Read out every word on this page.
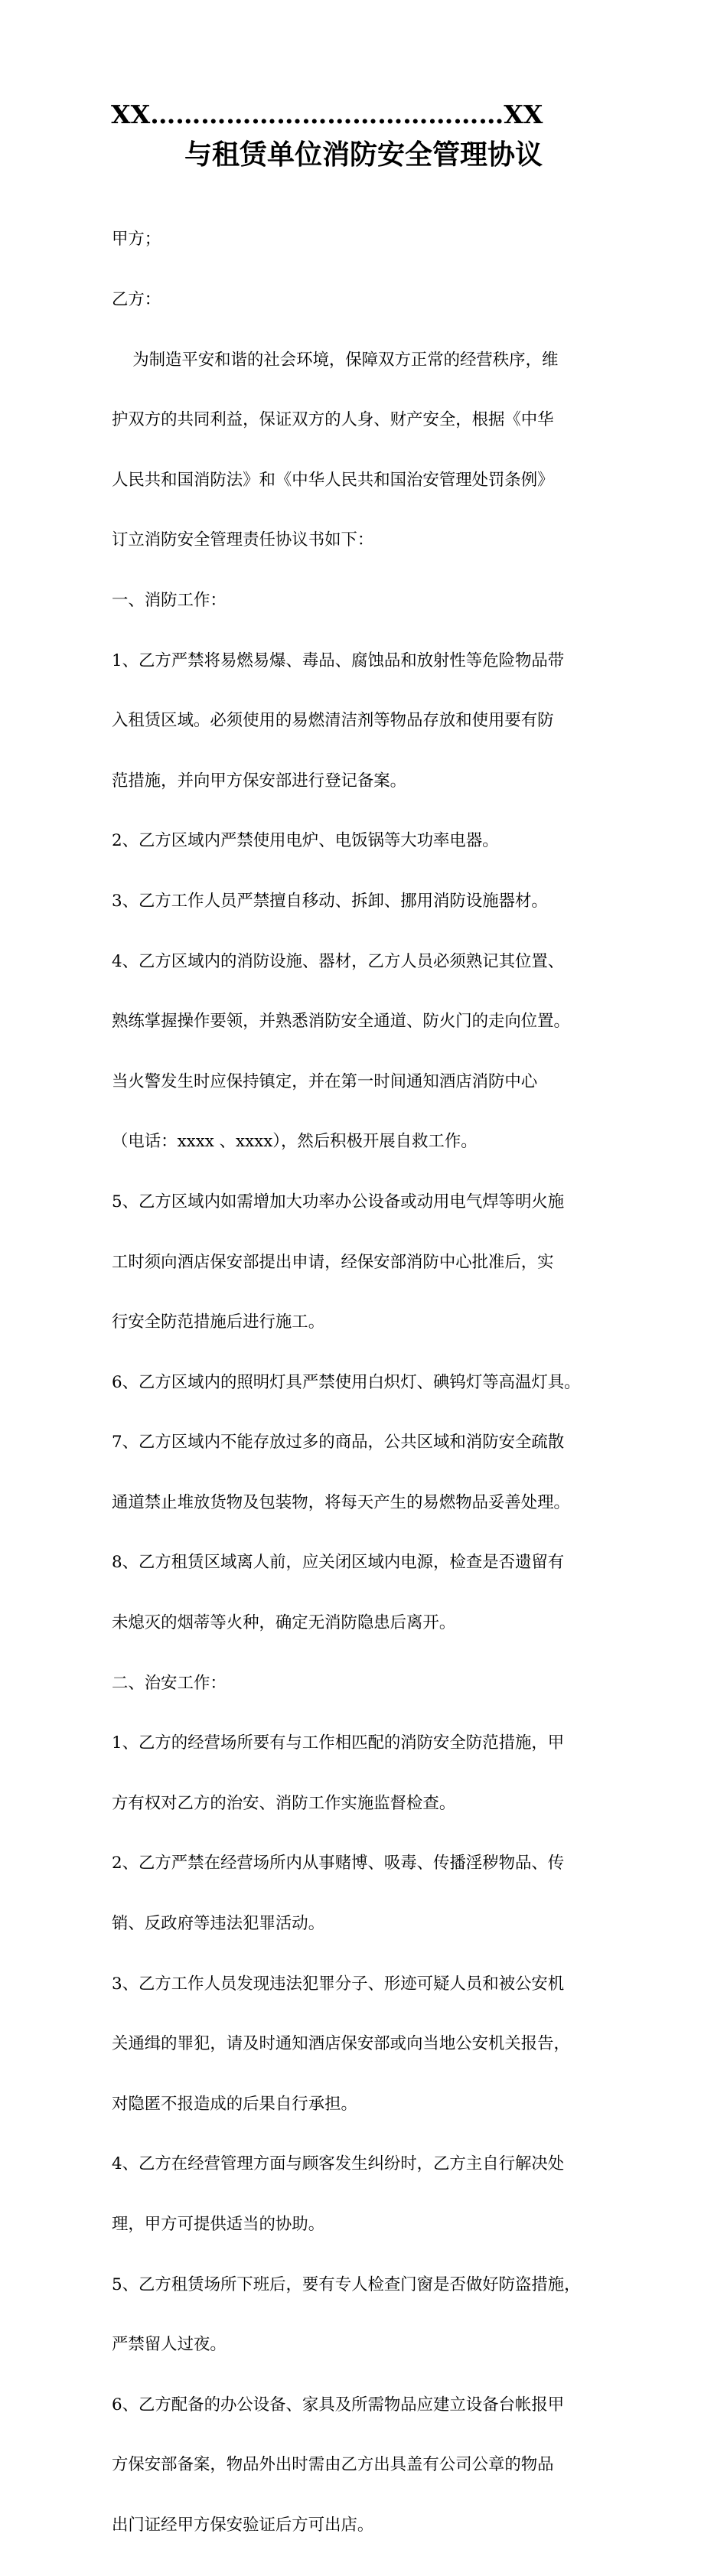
XX……………………………………XX
与租赁单位消防安全管理协议

甲方；

乙方：

为制造平安和谐的社会环境，保障双方正常的经营秩序，维

护双方的共同利益，保证双方的人身、财产安全，根据《中华

人民共和国消防法》和《中华人民共和国治安管理处罚条例》

订立消防安全管理责任协议书如下：

一、消防工作：

1、乙方严禁将易燃易爆、毒品、腐蚀品和放射性等危险物品带

入租赁区域。必须使用的易燃清洁剂等物品存放和使用要有防

范措施，并向甲方保安部进行登记备案。

2、乙方区域内严禁使用电炉、电饭锅等大功率电器。

3、乙方工作人员严禁擅自移动、拆卸、挪用消防设施器材。

4、乙方区域内的消防设施、器材，乙方人员必须熟记其位置、

熟练掌握操作要领，并熟悉消防安全通道、防火门的走向位置。

当火警发生时应保持镇定，并在第一时间通知酒店消防中心

（电话：xxxx 、xxxx），然后积极开展自救工作。

5、乙方区域内如需增加大功率办公设备或动用电气焊等明火施

工时须向酒店保安部提出申请，经保安部消防中心批准后，实

行安全防范措施后进行施工。

6、乙方区域内的照明灯具严禁使用白炽灯、碘钨灯等高温灯具。

7、乙方区域内不能存放过多的商品，公共区域和消防安全疏散

通道禁止堆放货物及包装物，将每天产生的易燃物品妥善处理。

8、乙方租赁区域离人前，应关闭区域内电源，检查是否遗留有

未熄灭的烟蒂等火种，确定无消防隐患后离开。

二、治安工作：

1、乙方的经营场所要有与工作相匹配的消防安全防范措施，甲

方有权对乙方的治安、消防工作实施监督检查。

2、乙方严禁在经营场所内从事赌博、吸毒、传播淫秽物品、传

销、反政府等违法犯罪活动。

3、乙方工作人员发现违法犯罪分子、形迹可疑人员和被公安机

关通缉的罪犯，请及时通知酒店保安部或向当地公安机关报告，

对隐匿不报造成的后果自行承担。

4、乙方在经营管理方面与顾客发生纠纷时，乙方主自行解决处

理，甲方可提供适当的协助。

5、乙方租赁场所下班后，要有专人检查门窗是否做好防盗措施，

严禁留人过夜。

6、乙方配备的办公设备、家具及所需物品应建立设备台帐报甲

方保安部备案，物品外出时需由乙方出具盖有公司公章的物品

出门证经甲方保安验证后方可出店。
